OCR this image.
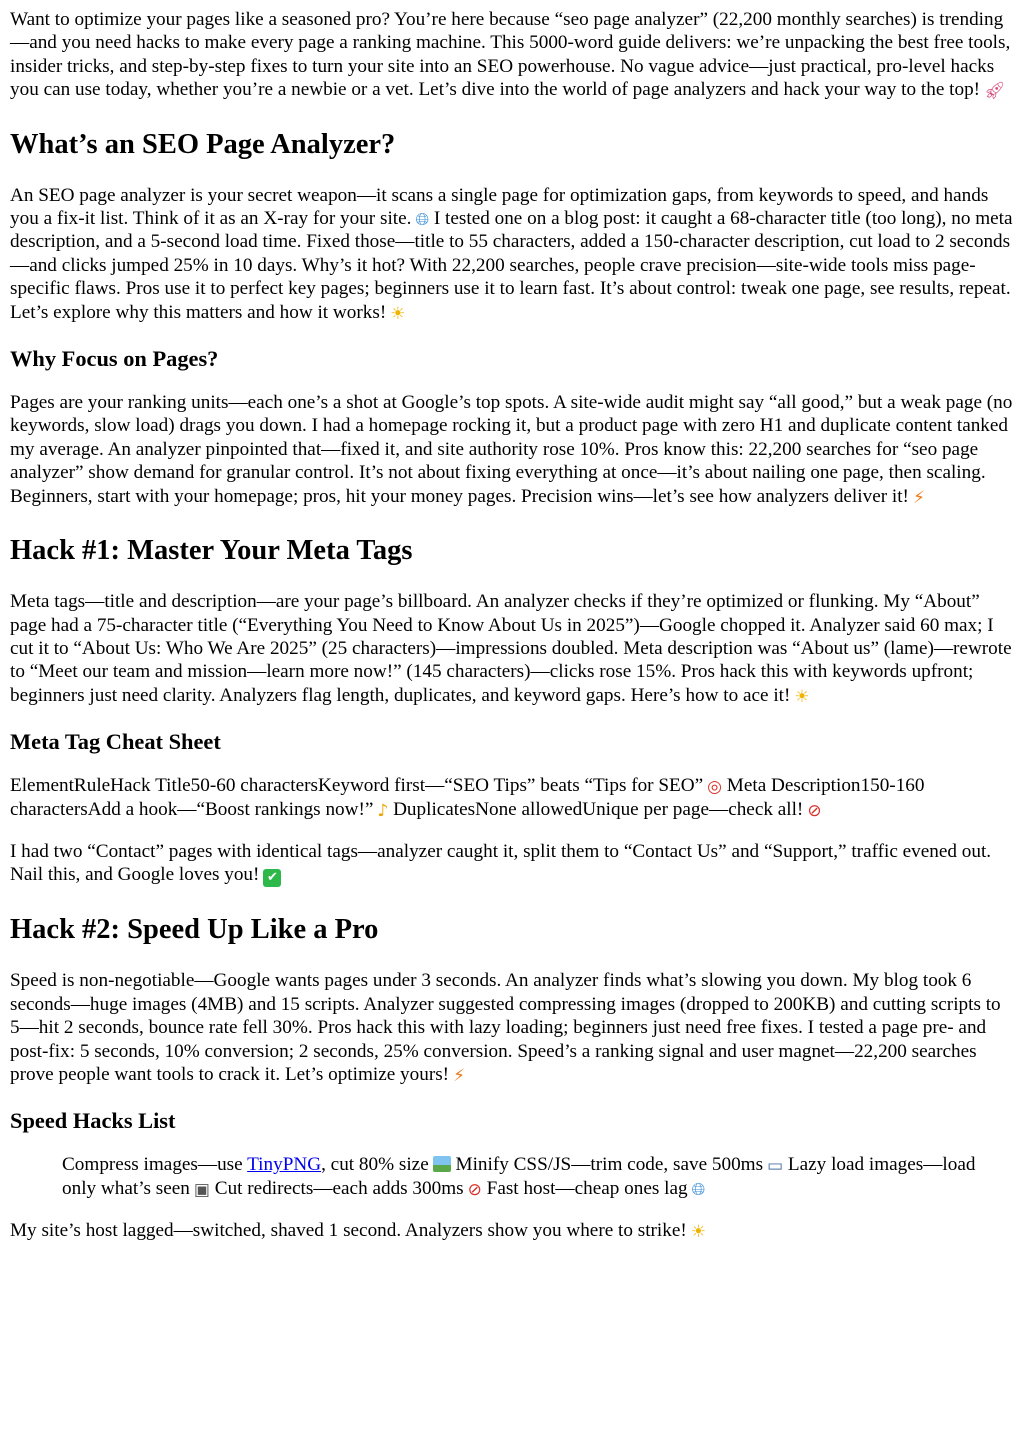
Want to optimize your pages like a seasoned pro? You’re here because “seo page analyzer” (22,200 monthly searches) is trending—and you need hacks to make every page a ranking machine. This 5000-word guide delivers: we’re unpacking the best free tools, insider tricks, and step-by-step fixes to turn your site into an SEO powerhouse. No vague advice—just practical, pro-level hacks you can use today, whether you’re a newbie or a vet. Let’s dive into the world of page analyzers and hack your way to the top! 🚀︎

What’s an SEO Page Analyzer?

An SEO page analyzer is your secret weapon—it scans a single page for optimization gaps, from keywords to speed, and hands you a fix-it list. Think of it as an X-ray for your site. 🌐︎ I tested one on a blog post: it caught a 68-character title (too long), no meta description, and a 5-second load time. Fixed those—title to 55 characters, added a 150-character description, cut load to 2 seconds—and clicks jumped 25% in 10 days. Why’s it hot? With 22,200 searches, people crave precision—site-wide tools miss page-specific flaws. Pros use it to perfect key pages; beginners use it to learn fast. It’s about control: tweak one page, see results, repeat. Let’s explore why this matters and how it works! ☀︎

Why Focus on Pages?

Pages are your ranking units—each one’s a shot at Google’s top spots. A site-wide audit might say “all good,” but a weak page (no keywords, slow load) drags you down. I had a homepage rocking it, but a product page with zero H1 and duplicate content tanked my average. An analyzer pinpointed that—fixed it, and site authority rose 10%. Pros know this: 22,200 searches for “seo page analyzer” show demand for granular control. It’s not about fixing everything at once—it’s about nailing one page, then scaling. Beginners, start with your homepage; pros, hit your money pages. Precision wins—let’s see how analyzers deliver it! ⚡︎

Hack #1: Master Your Meta Tags

Meta tags—title and description—are your page’s billboard. An analyzer checks if they’re optimized or flunking. My “About” page had a 75-character title (“Everything You Need to Know About Us in 2025”)—Google chopped it. Analyzer said 60 max; I cut it to “About Us: Who We Are 2025” (25 characters)—impressions doubled. Meta description was “About us” (lame)—rewrote to “Meet our team and mission—learn more now!” (145 characters)—clicks rose 15%. Pros hack this with keywords upfront; beginners just need clarity. Analyzers flag length, duplicates, and keyword gaps. Here’s how to ace it! ☀︎

Meta Tag Cheat Sheet

ElementRuleHack Title50-60 charactersKeyword first—“SEO Tips” beats “Tips for SEO” ◎ Meta Description150-160 charactersAdd a hook—“Boost rankings now!” ♪ DuplicatesNone allowedUnique per page—check all! ⊘

I had two “Contact” pages with identical tags—analyzer caught it, split them to “Contact Us” and “Support,” traffic evened out. Nail this, and Google loves you! ✔

Hack #2: Speed Up Like a Pro

Speed is non-negotiable—Google wants pages under 3 seconds. An analyzer finds what’s slowing you down. My blog took 6 seconds—huge images (4MB) and 15 scripts. Analyzer suggested compressing images (dropped to 200KB) and cutting scripts to 5—hit 2 seconds, bounce rate fell 30%. Pros hack this with lazy loading; beginners just need free fixes. I tested a page pre- and post-fix: 5 seconds, 10% conversion; 2 seconds, 25% conversion. Speed’s a ranking signal and user magnet—22,200 searches prove people want tools to crack it. Let’s optimize yours! ⚡︎

Speed Hacks List

Compress images—use TinyPNG, cut 80% size Minify CSS/JS—trim code, save 500ms ▭ Lazy load images—load only what’s seen ▣ Cut redirects—each adds 300ms ⊘ Fast host—cheap ones lag 🌐︎

My site’s host lagged—switched, shaved 1 second. Analyzers show you where to strike! ☀︎
